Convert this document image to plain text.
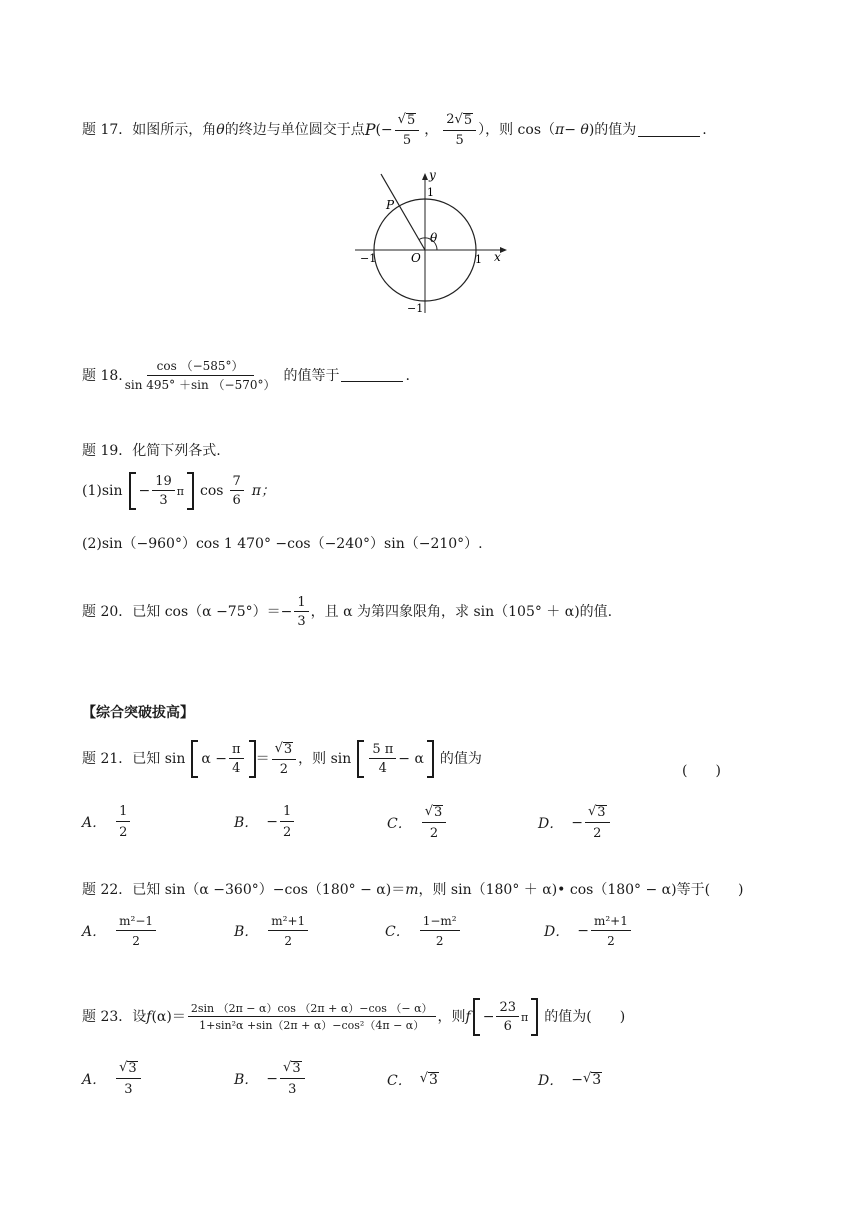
题 17．如图所示，角 θ 的终边与单位圆交于点 P (− $\frac{√ 5}{5}$ ， $\frac{2 √ 5}{5}$ ），则 cos（ π− θ )的值为	.
y
x
1
1
−1
−1
O
P
θ
题 18. $\frac{\cos (-585^\circ)}{\sin 495^\circ +\sin (-570^\circ)}$ 的值等于	.
题 19．化简下列各式.
$(1)\sin - \frac{19}{3}$ π $\cos \frac{7}{6}$ π；
(2)sin（−960°）cos 1 470° −cos（−240°）sin（−210°）.
题 20．已知 $\cos(\alpha -75^\circ)=- \frac{1}{3}$ ，且 α 为第四象限角，求 sin（105° ＋ α)的值.
【综合突破拔高】
题 21．已知 $\sin \alpha - \frac{\pi}{4} = \frac{√ 3}{2}$ ，则 $\sin \frac{5 \pi}{4} - \alpha$ 的值为
(　　)
A． $\frac{1}{2}$	B． − $\frac{1}{2}$	C． $\frac{√ 3}{2}$	D． − $\frac{√ 3}{2}$
题 22．已知 sin（α −360°）−cos（180° − α)＝ m ，则 sin（180° ＋ α)• cos（180° − α)等于(　　)
A． $\frac{\text{m²−1}}{2}$	B． $\frac{\text{m²+1}}{2}$	C． $\frac{\text{1−m²}}{2}$	D． − $\frac{\text{m²+1}}{2}$
题 23．设 f $(\alpha)= \frac{2\sin (2\pi - \alpha)\cos (2\pi + \alpha)-\cos (- \alpha)}{\text{1+sin²α +sin（2π + α）−cos²（4π − α）}}$ ，则 $f - \frac{23}{6}$ π 的值为(　　)
A． $\frac{√ 3}{3}$	B． − $\frac{√ 3}{3}$	C． √ 3	D． − √ 3
